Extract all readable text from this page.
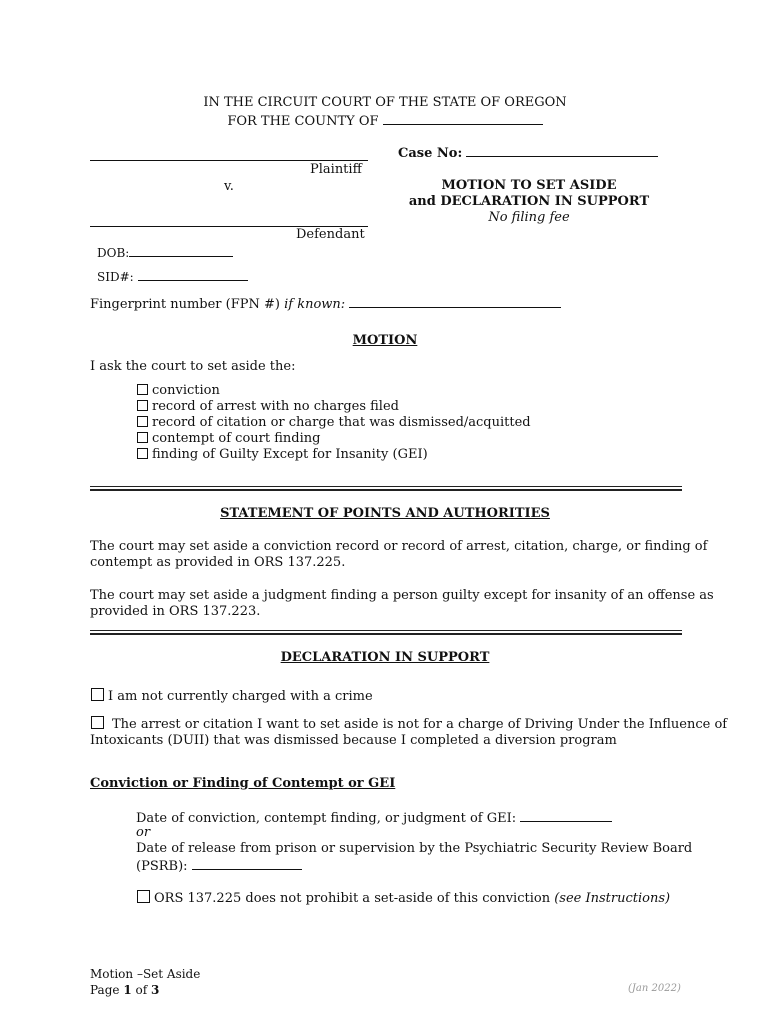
IN THE CIRCUIT COURT OF THE STATE OF OREGON
FOR THE COUNTY OF
Plaintiff
v.
Defendant
DOB:
SID#:
Case No:
MOTION TO SET ASIDE
and DECLARATION IN SUPPORT
No filing fee
Fingerprint number (FPN #) if known:
MOTION
I ask the court to set aside the:
conviction
record of arrest with no charges filed
record of citation or charge that was dismissed/acquitted
contempt of court finding
finding of Guilty Except for Insanity (GEI)
STATEMENT OF POINTS AND AUTHORITIES
The court may set aside a conviction record or record of arrest, citation, charge, or finding of
contempt as provided in ORS 137.225.
The court may set aside a judgment finding a person guilty except for insanity of an offense as
provided in ORS 137.223.
DECLARATION IN SUPPORT
I am not currently charged with a crime
The arrest or citation I want to set aside is not for a charge of Driving Under the Influence of
Intoxicants (DUII) that was dismissed because I completed a diversion program
Conviction or Finding of Contempt or GEI
Date of conviction, contempt finding, or judgment of GEI:
or
Date of release from prison or supervision by the Psychiatric Security Review Board
(PSRB):
ORS 137.225 does not prohibit a set-aside of this conviction (see Instructions)
Motion –Set Aside
Page 1 of 3	(Jan 2022)
